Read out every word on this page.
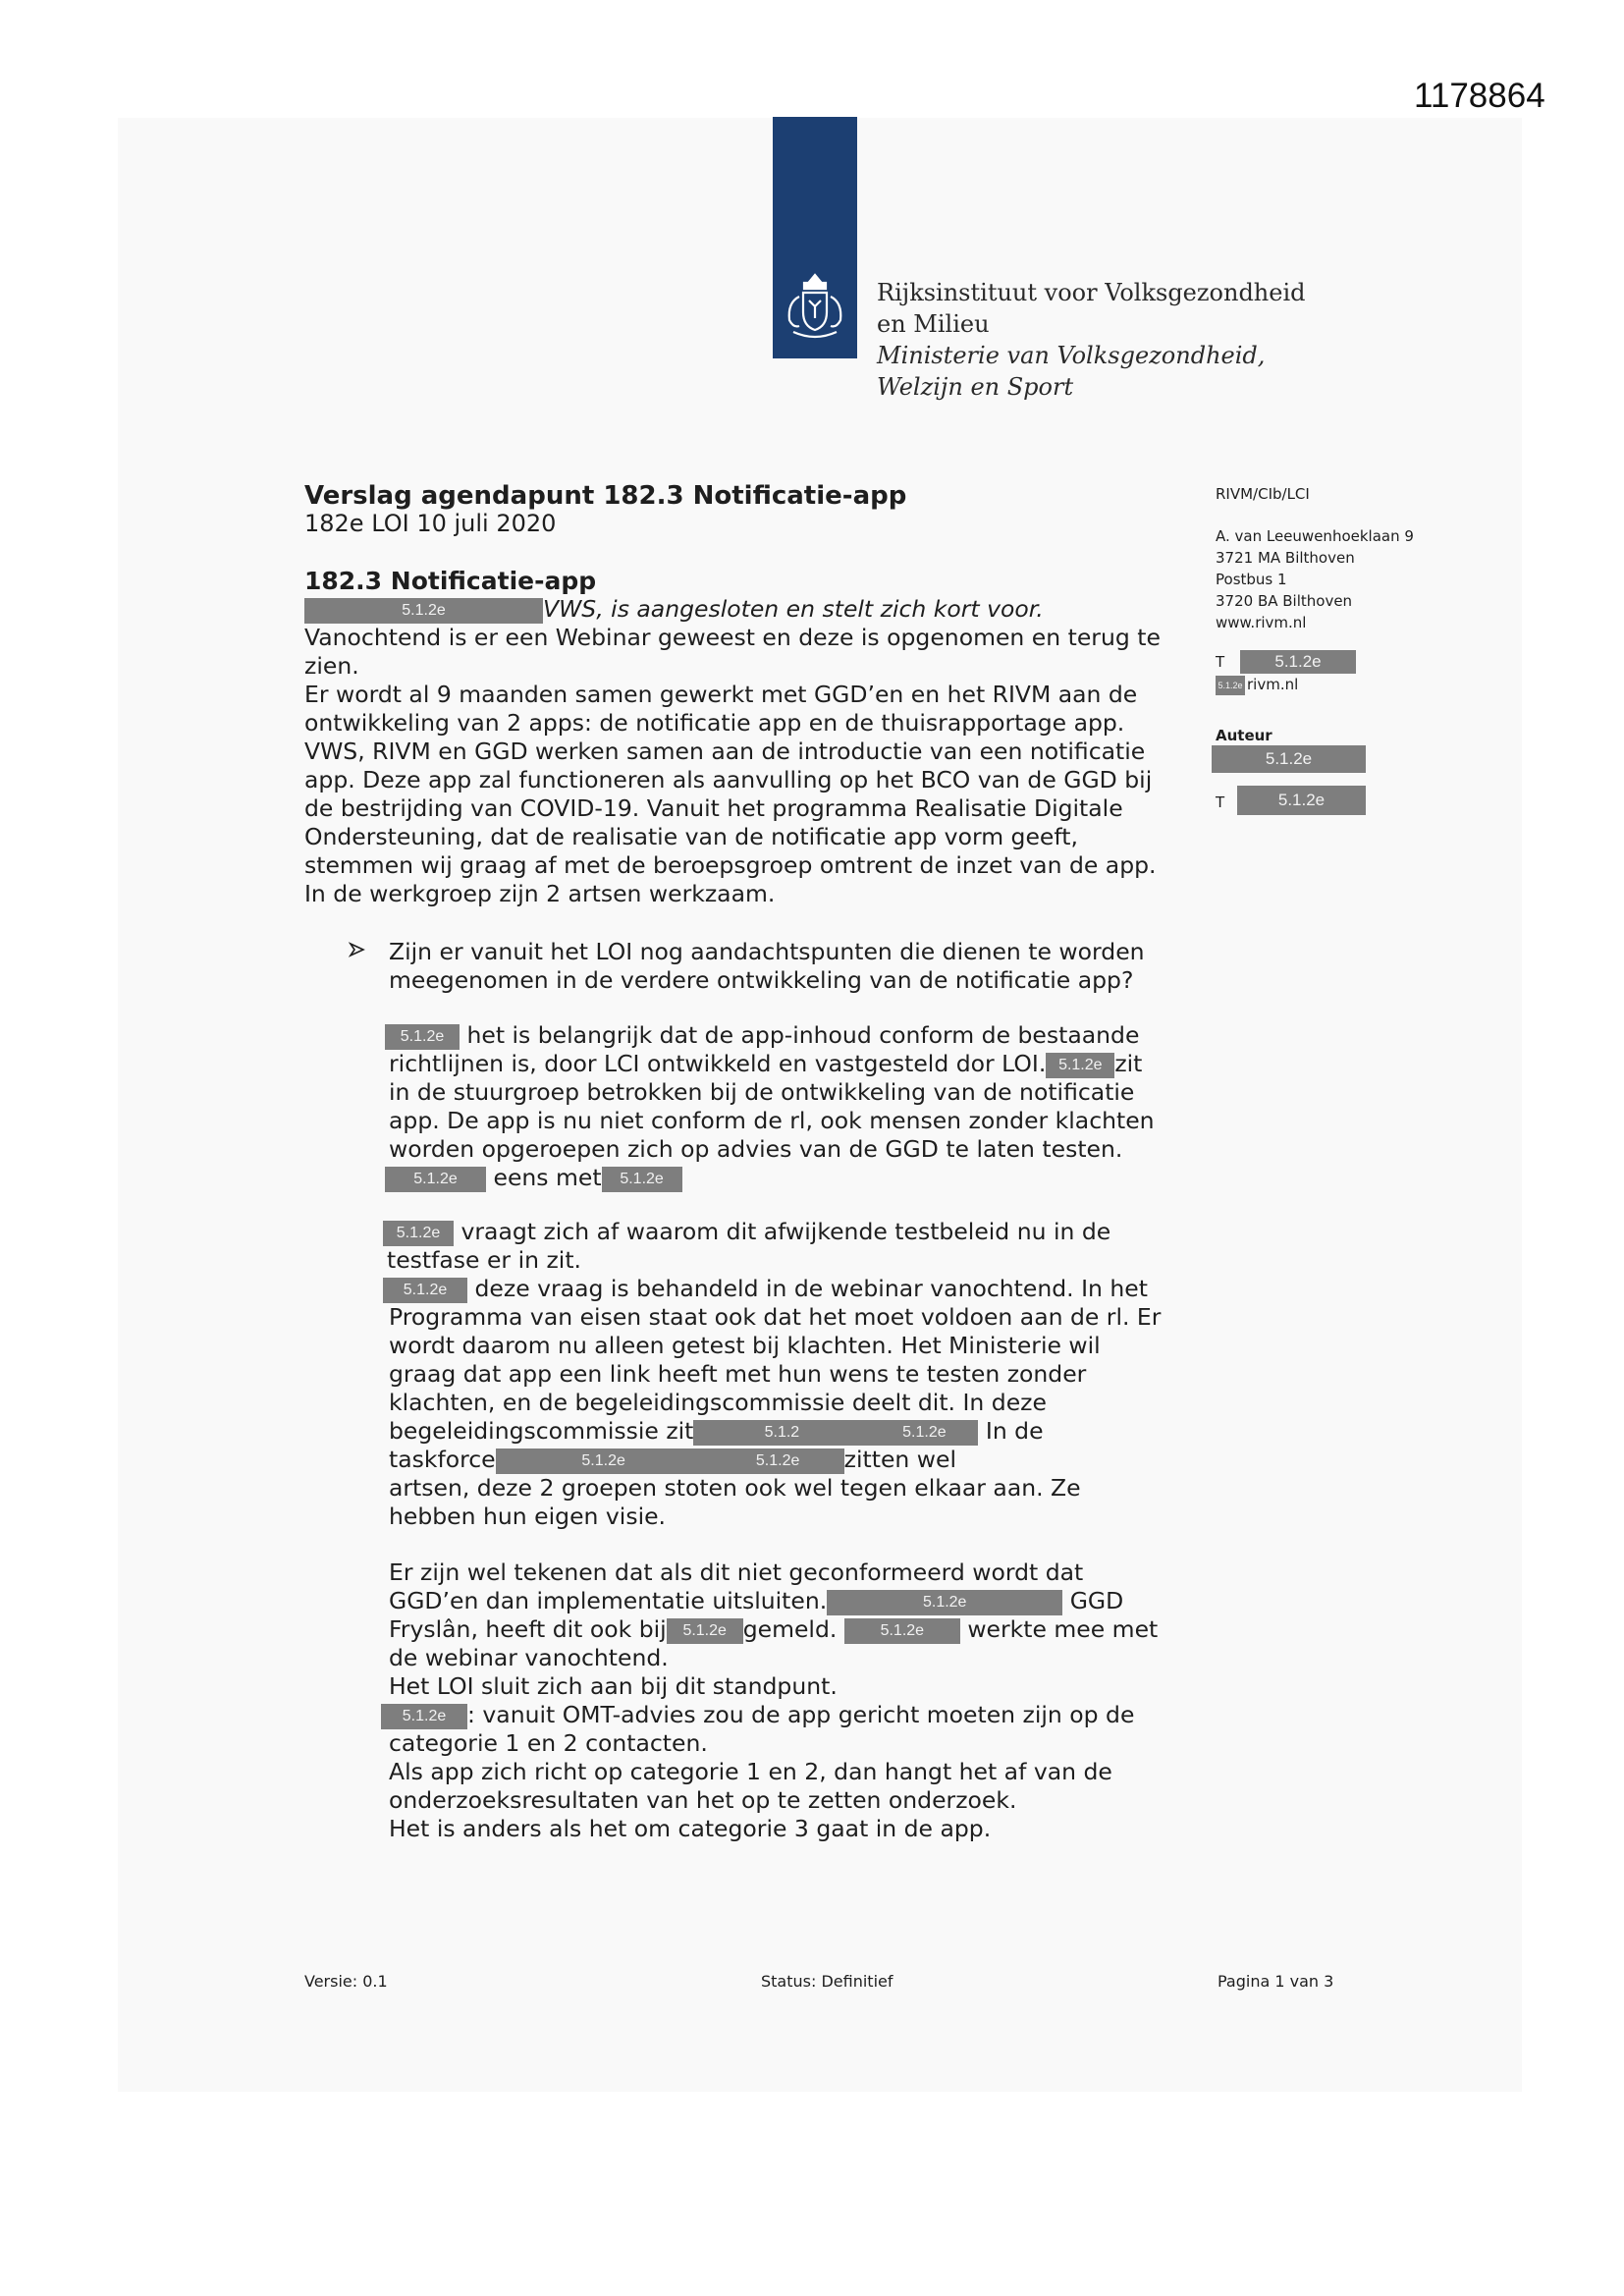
1178864
Rijksinstituut voor Volksgezondheid
en Milieu
Ministerie van Volksgezondheid,
Welzijn en Sport
Verslag agendapunt 182.3 Notificatie-app
182e LOI 10 juli 2020
182.3 Notificatie-app
RIVM/CIb/LCI
A. van Leeuwenhoeklaan 9
3721 MA Bilthoven
Postbus 1
3720 BA Bilthoven
www.rivm.nl
T	5.1.2e
5.1.2e rivm.nl
Auteur
5.1.2e
T	5.1.2e
5.1.2e	VWS, is aangesloten en stelt zich kort voor.
Vanochtend is er een Webinar geweest en deze is opgenomen en terug te
zien.
Er wordt al 9 maanden samen gewerkt met GGD’en en het RIVM aan de
ontwikkeling van 2 apps: de notificatie app en de thuisrapportage app.
VWS, RIVM en GGD werken samen aan de introductie van een notificatie
app. Deze app zal functioneren als aanvulling op het BCO van de GGD bij
de bestrijding van COVID-19. Vanuit het programma Realisatie Digitale
Ondersteuning, dat de realisatie van de notificatie app vorm geeft,
stemmen wij graag af met de beroepsgroep omtrent de inzet van de app.
In de werkgroep zijn 2 artsen werkzaam.
Zijn er vanuit het LOI nog aandachtspunten die dienen te worden
meegenomen in de verdere ontwikkeling van de notificatie app?
5.1.2e het is belangrijk dat de app-inhoud conform de bestaande
richtlijnen is, door LCI ontwikkeld en vastgesteld dor LOI. 5.1.2e zit
in de stuurgroep betrokken bij de ontwikkeling van de notificatie
app. De app is nu niet conform de rl, ook mensen zonder klachten
worden opgeroepen zich op advies van de GGD te laten testen.
5.1.2e eens met 5.1.2e
5.1.2e vraagt zich af waarom dit afwijkende testbeleid nu in de
testfase er in zit.
5.1.2e deze vraag is behandeld in de webinar vanochtend. In het
Programma van eisen staat ook dat het moet voldoen aan de rl. Er
wordt daarom nu alleen getest bij klachten. Het Ministerie wil
graag dat app een link heeft met hun wens te testen zonder
klachten, en de begeleidingscommissie deelt dit. In deze
begeleidingscommissie zit	5.1.2	5.1.2e In de
taskforce	5.1.2e	5.1.2e zitten wel
artsen, deze 2 groepen stoten ook wel tegen elkaar aan. Ze
hebben hun eigen visie.
Er zijn wel tekenen dat als dit niet geconformeerd wordt dat
GGD’en dan implementatie uitsluiten.	5.1.2e	GGD
Fryslân, heeft dit ook bij 5.1.2e gemeld.	5.1.2e werkte mee met
de webinar vanochtend.
Het LOI sluit zich aan bij dit standpunt.
5.1.2e : vanuit OMT-advies zou de app gericht moeten zijn op de
categorie 1 en 2 contacten.
Als app zich richt op categorie 1 en 2, dan hangt het af van de
onderzoeksresultaten van het op te zetten onderzoek.
Het is anders als het om categorie 3 gaat in de app.
Versie: 0.1	Status: Definitief	Pagina 1 van 3
